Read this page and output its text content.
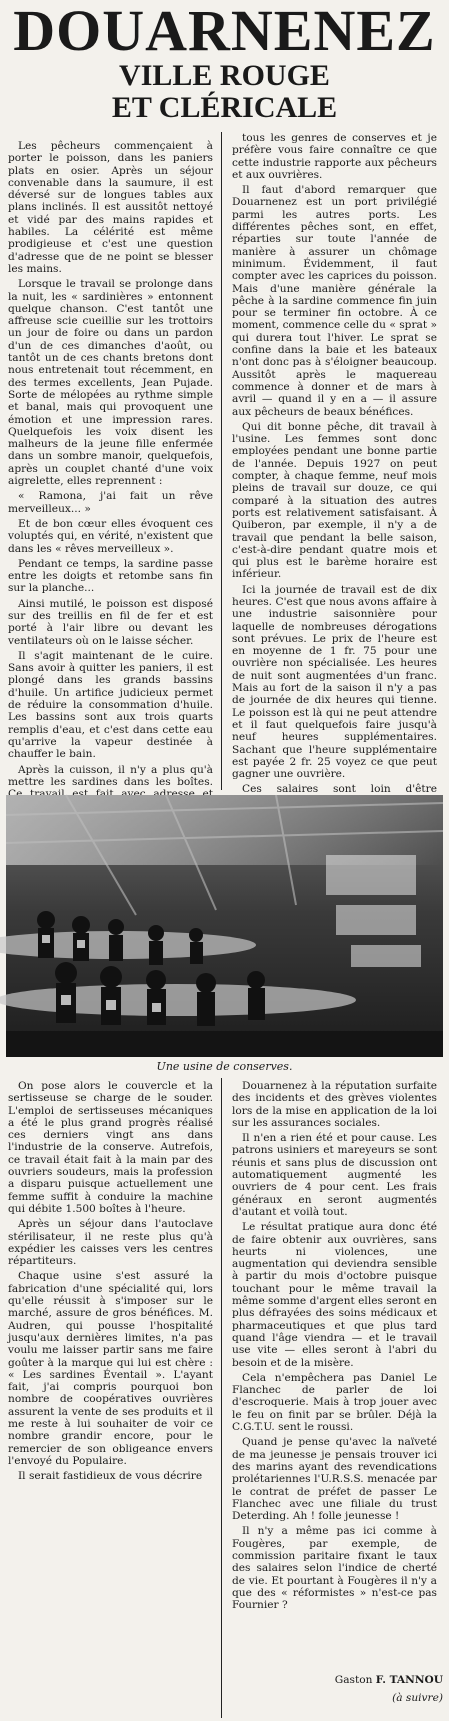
DOUARNENEZ
VILLE ROUGE
ET CLÉRICALE

Les pêcheurs commençaient à porter le poisson, dans les paniers plats en osier. Après un séjour convenable dans la saumure, il est déversé sur de longues tables aux plans inclinés. Il est aussitôt nettoyé et vidé par des mains rapides et habiles. La célérité est même prodigieuse et c'est une question d'adresse que de ne point se blesser les mains.

Lorsque le travail se prolonge dans la nuit, les « sardinières » entonnent quelque chanson. C'est tantôt une affreuse scie cueillie sur les trottoirs un jour de foire ou dans un pardon d'un de ces dimanches d'août, ou tantôt un de ces chants bretons dont nous entretenait tout récemment, en des termes excellents, Jean Pujade. Sorte de mélopées au rythme simple et banal, mais qui provoquent une émotion et une impression rares. Quelquefois les voix disent les malheurs de la jeune fille enfermée dans un sombre manoir, quelquefois, après un couplet chanté d'une voix aigrelette, elles reprennent :

« Ramona, j'ai fait un rêve merveilleux... »

Et de bon cœur elles évoquent ces voluptés qui, en vérité, n'existent que dans les « rêves merveilleux ».

Pendant ce temps, la sardine passe entre les doigts et retombe sans fin sur la planche...

Ainsi mutilé, le poisson est disposé sur des treillis en fil de fer et est porté à l'air libre ou devant les ventilateurs où on le laisse sécher.

Il s'agit maintenant de le cuire. Sans avoir à quitter les paniers, il est plongé dans les grands bassins d'huile. Un artifice judicieux permet de réduire la consommation d'huile. Les bassins sont aux trois quarts remplis d'eau, et c'est dans cette eau qu'arrive la vapeur destinée à chauffer le bain.

Après la cuisson, il n'y a plus qu'à mettre les sardines dans les boîtes.

tous les genres de conserves et je préfère vous faire connaître ce que cette industrie rapporte aux pêcheurs et aux ouvrières.

Il faut d'abord remarquer que Douarnenez est un port privilégié parmi les autres ports. Les différentes pêches sont, en effet, réparties sur toute l'année de manière à assurer un chômage minimum. Évidemment, il faut compter avec les caprices du poisson. Mais d'une manière générale la pêche à la sardine commence fin juin pour se terminer fin octobre. À ce moment, commence celle du « sprat » qui durera tout l'hiver. Le sprat se confine dans la baie et les bateaux n'ont donc pas à s'éloigner beaucoup. Aussitôt après le maquereau commence à donner et de mars à avril — quand il y en a — il assure aux pêcheurs de beaux bénéfices.

Qui dit bonne pêche, dit travail à l'usine. Les femmes sont donc employées pendant une bonne partie de l'année. Depuis 1927 on peut compter, à chaque femme, neuf mois pleins de travail sur douze, ce qui comparé à la situation des autres ports est relativement satisfaisant. À Quiberon, par exemple, il n'y a de travail que pendant la belle saison, c'est-à-dire pendant quatre mois et qui plus est le barème horaire est inférieur.

Ici la journée de travail est de dix heures. C'est que nous avons affaire à une industrie saisonnière pour laquelle de nombreuses dérogations sont prévues. Le prix de l'heure est en moyenne de 1 fr. 75 pour une ouvrière non spécialisée. Les heures de nuit sont augmentées d'un franc. Mais au fort de la saison il n'y a pas de journée de dix heures qui tienne. Le poisson est là qui ne peut attendre et il faut quelquefois faire jusqu'à neuf heures supplémentaires. Sachant que l'heure supplémentaire est payée 2 fr. 25 voyez ce que peut gagner une ouvrière.

Ces salaires sont loin d'être

Une usine de conserves.

On pose alors le couvercle et la sertisseuse se charge de le souder. L'emploi de sertisseuses mécaniques a été le plus grand progrès réalisé ces derniers vingt ans dans l'industrie de la conserve. Autrefois, ce travail était fait à la main par des ouvriers soudeurs, mais la profession a disparu puisque actuellement une femme suffit à conduire la machine qui débite 1.500 boîtes à l'heure.

Après un séjour dans l'autoclave stérilisateur, il ne reste plus qu'à expédier les caisses vers les centres répartiteurs.

Chaque usine s'est assuré la fabrication d'une spécialité qui, lors qu'elle réussit à s'imposer sur le marché, assure de gros bénéfices. M. Audren, qui pousse l'hospitalité jusqu'aux dernières limites, n'a pas voulu me laisser partir sans me faire goûter à la marque qui lui est chère : « Les sardines Éventail ». L'ayant fait, j'ai compris pourquoi bon nombre de coopératives ouvrières assurent la vente de ses produits et il me reste à lui souhaiter de voir ce nombre grandir encore, pour le remercier de son obligeance envers l'envoyé du Populaire.

Il serait fastidieux de vous décrire

Douarnenez à la réputation surfaite des incidents et des grèves violentes lors de la mise en application de la loi sur les assurances sociales.

Il n'en a rien été et pour cause. Les patrons usiniers et mareyeurs se sont réunis et sans plus de discussion ont automatiquement augmenté les ouvriers de 4 pour cent. Les frais généraux en seront augmentés d'autant et voilà tout.

Le résultat pratique aura donc été de faire obtenir aux ouvrières, sans heurts ni violences, une augmentation qui deviendra sensible à partir du mois d'octobre puisque touchant pour le même travail la même somme d'argent elles seront en plus défrayées des soins médicaux et pharmaceutiques et que plus tard quand l'âge viendra — et le travail use vite — elles seront à l'abri du besoin et de la misère.

Cela n'empêchera pas Daniel Le Flanchec de parler de loi d'escroquerie. Mais à trop jouer avec le feu on finit par se brûler. Déjà la C.G.T.U. sent le roussi.

Quand je pense qu'avec la naïveté de ma jeunesse je pensais trouver ici des marins ayant des revendications prolétariennes l'U.R.S.S. menacée par le contrat de préfet de passer Le Flanchec avec une filiale du trust Deterding. Ah ! folle jeunesse !

Il n'y a même pas ici comme à Fougères, par exemple, de commission paritaire fixant le taux des salaires selon l'indice de cherté de vie. Et pourtant à Fougères il n'y a que des « réformistes » n'est-ce pas Fournier ?

Gaston F. TANNOU
(à suivre)
